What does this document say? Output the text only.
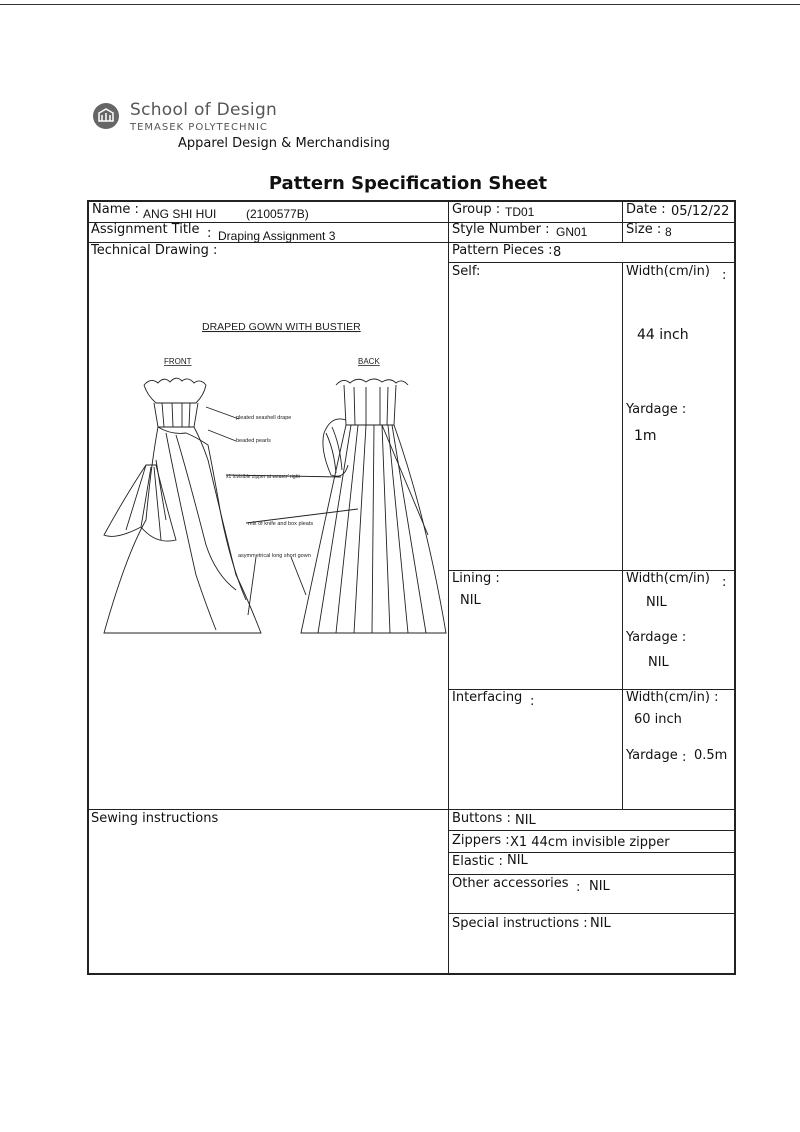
School of Design
TEMASEK POLYTECHNIC
Apparel Design & Merchandising
Pattern Specification Sheet
Name : ANG SHI HUI (2100577B)	Group : TD01	Date : 05/12/22
Assignment Title : Draping Assignment 3	Style Number : GN01	Size : 8
Technical Drawing :	Pattern Pieces : 8
DRAPED GOWN WITH BUSTIER
FRONT	BACK
pleated seashell drape
beaded pearls
x1 invisible zipper at wearer' right
mix of knife and box pleats
asymmetrical long short gown
Self:	Width(cm/in) :
44 inch
Yardage :
1m
Lining :
NIL
Width(cm/in) :
NIL
Yardage :
NIL
Interfacing :	Width(cm/in) :
60 inch
Yardage : 0.5m
Sewing instructions	Buttons : NIL
Zippers : X1 44cm invisible zipper
Elastic : NIL
Other accessories : NIL
Special instructions : NIL
